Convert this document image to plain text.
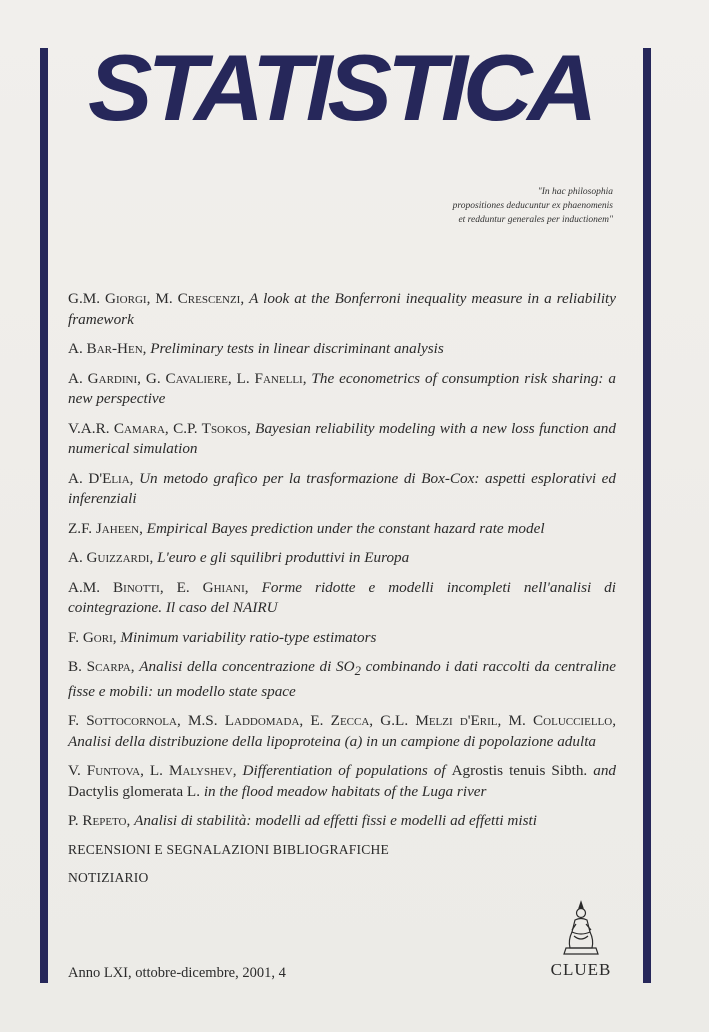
STATISTICA
"In hac philosophia
propositiones deducuntur ex phaenomenis
et redduntur generales per inductionem"

G.M. Giorgi, M. Crescenzi, A look at the Bonferroni inequality measure in a reliability framework

A. Bar-Hen, Preliminary tests in linear discriminant analysis

A. Gardini, G. Cavaliere, L. Fanelli, The econometrics of consumption risk sharing: a new perspective

V.A.R. Camara, C.P. Tsokos, Bayesian reliability modeling with a new loss function and numerical simulation

A. D'Elia, Un metodo grafico per la trasformazione di Box-Cox: aspetti esplorativi ed inferenziali

Z.F. Jaheen, Empirical Bayes prediction under the constant hazard rate model

A. Guizzardi, L'euro e gli squilibri produttivi in Europa

A.M. Binotti, E. Ghiani, Forme ridotte e modelli incompleti nell'analisi di cointegrazione. Il caso del NAIRU

F. Gori, Minimum variability ratio-type estimators

B. Scarpa, Analisi della concentrazione di $SO_2$ combinando i dati raccolti da centraline fisse e mobili: un modello state space

F. Sottocornola, M.S. Laddomada, E. Zecca, G.L. Melzi d'Eril, M. Colucciello, Analisi della distribuzione della lipoproteina (a) in un campione di popolazione adulta

V. Funtova, L. Malyshev, Differentiation of populations of Agrostis tenuis Sibth. and Dactylis glomerata L. in the flood meadow habitats of the Luga river

P. Repeto, Analisi di stabilità: modelli ad effetti fissi e modelli ad effetti misti

RECENSIONI E SEGNALAZIONI BIBLIOGRAFICHE

NOTIZIARIO

CLUEB
Anno LXI, ottobre-dicembre, 2001, 4
